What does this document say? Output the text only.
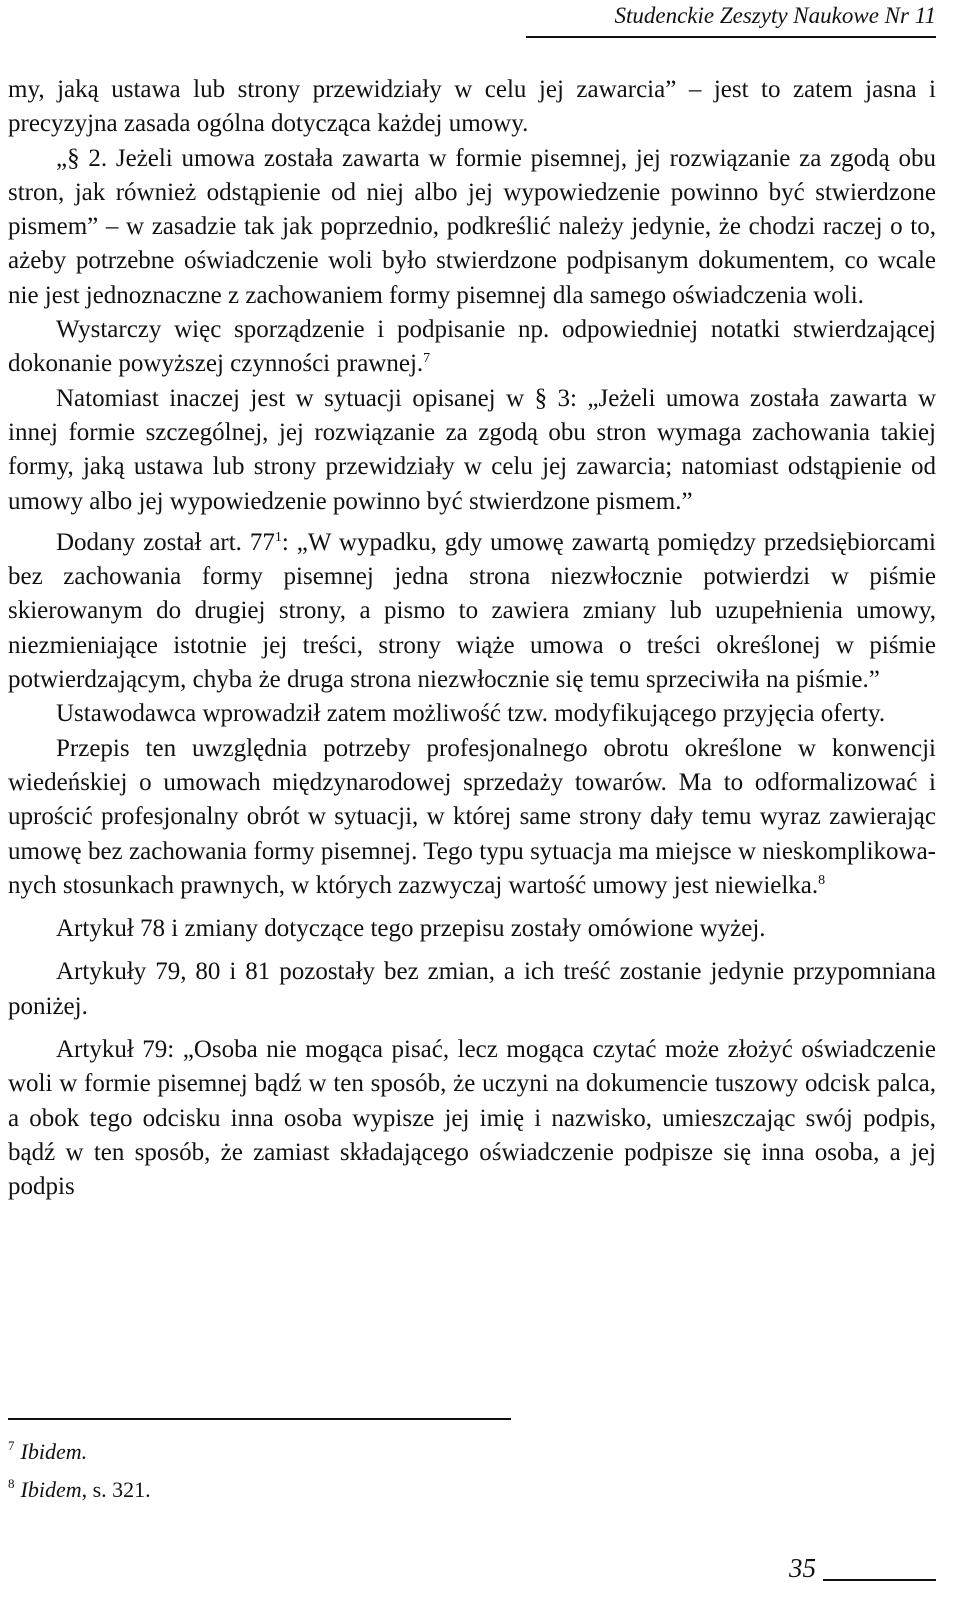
Studenckie Zeszyty Naukowe Nr 11

my, jaką ustawa lub strony przewidziały w celu jej zawarcia” – jest to zatem jasna i precyzyjna zasada ogólna dotycząca każdej umowy.

„§ 2. Jeżeli umowa została zawarta w formie pisemnej, jej rozwiązanie za zgodą obu stron, jak również odstąpienie od niej albo jej wypowiedzenie powinno być stwierdzone pismem” – w zasadzie tak jak poprzednio, podkreślić należy jedynie, że chodzi raczej o to, ażeby potrzebne oświadczenie woli było stwierdzone podpisanym dokumentem, co wcale nie jest jednoznaczne z zachowaniem formy pisemnej dla samego oświadczenia woli.

Wystarczy więc sporządzenie i podpisanie np. odpowiedniej notatki stwierdzającej dokonanie powyższej czynności prawnej.$^7$

Natomiast inaczej jest w sytuacji opisanej w § 3: „Jeżeli umowa została zawarta w innej formie szczególnej, jej rozwiązanie za zgodą obu stron wymaga zachowania takiej formy, jaką ustawa lub strony przewidziały w celu jej zawarcia; natomiast odstąpienie od umowy albo jej wypowiedzenie powinno być stwierdzone pismem.”

Dodany został art. $77^1$: „W wypadku, gdy umowę zawartą pomiędzy przedsiębiorcami bez zachowania formy pisemnej jedna strona niezwłocznie potwierdzi w piśmie skierowanym do drugiej strony, a pismo to zawiera zmiany lub uzupełnienia umowy, niezmieniające istotnie jej treści, strony wiąże umowa o treści określonej w piśmie potwierdzającym, chyba że druga strona niezwłocznie się temu sprzeciwiła na piśmie.”

Ustawodawca wprowadził zatem możliwość tzw. modyfikującego przyjęcia oferty.

Przepis ten uwzględnia potrzeby profesjonalnego obrotu określone w konwencji wiedeńskiej o umowach międzynarodowej sprzedaży towarów. Ma to odformalizować i uprościć profesjonalny obrót w sytuacji, w której same strony dały temu wyraz zawierając umowę bez zachowania formy pisemnej. Tego typu sytuacja ma miejsce w nieskomplikowanych stosunkach prawnych, w których zazwyczaj wartość umowy jest niewielka.$^8$

Artykuł 78 i zmiany dotyczące tego przepisu zostały omówione wyżej.

Artykuły 79, 80 i 81 pozostały bez zmian, a ich treść zostanie jedynie przypomniana poniżej.

Artykuł 79: „Osoba nie mogąca pisać, lecz mogąca czytać może złożyć oświadczenie woli w formie pisemnej bądź w ten sposób, że uczyni na dokumencie tuszowy odcisk palca, a obok tego odcisku inna osoba wypisze jej imię i nazwisko, umieszczając swój podpis, bądź w ten sposób, że zamiast składającego oświadczenie podpisze się inna osoba, a jej podpis

$^7$ Ibidem.
$^8$ Ibidem, s. 321.
35
